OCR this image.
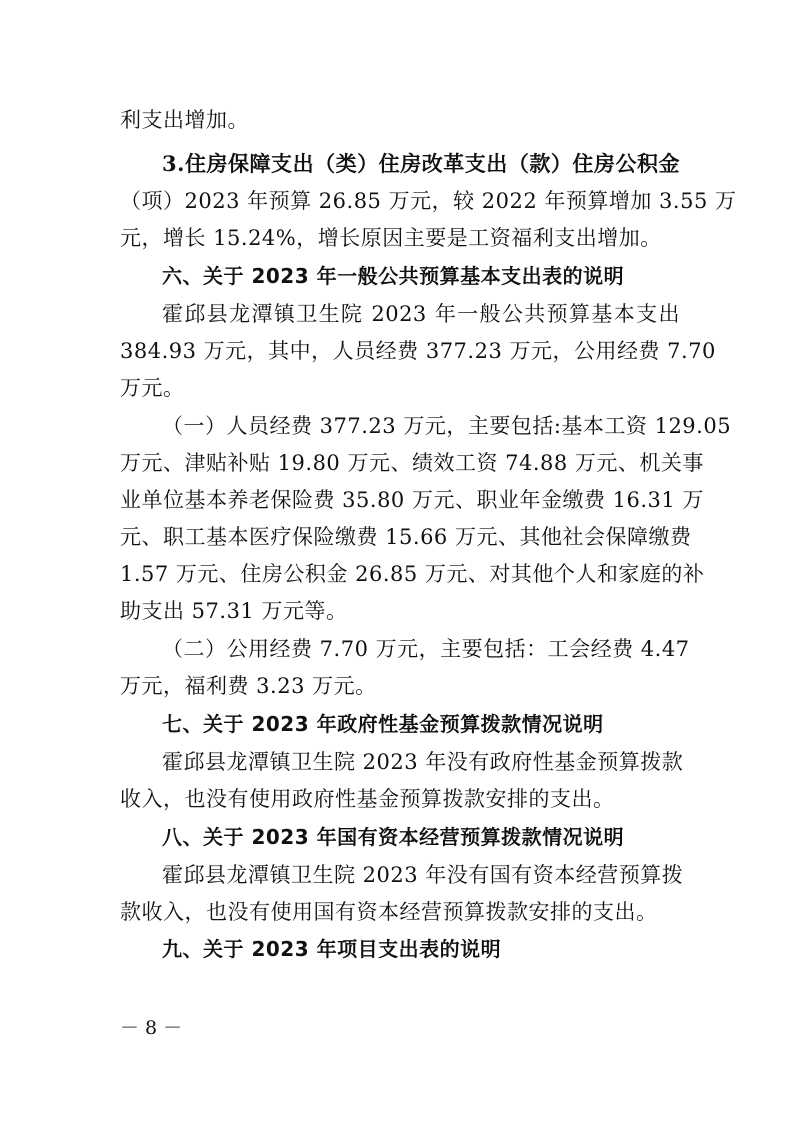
利支出增加。
3.住房保障支出（类）住房改革支出（款）住房公积金
（项）2023 年预算 26.85 万元，较 2022 年预算增加 3.55 万
元，增长 15.24%，增长原因主要是工资福利支出增加。
六、关于 2023 年一般公共预算基本支出表的说明
霍邱县龙潭镇卫生院 2023 年一般公共预算基本支出
384.93 万元，其中，人员经费 377.23 万元，公用经费 7.70
万元。
（一）人员经费 377.23 万元，主要包括:基本工资 129.05
万元、津贴补贴 19.80 万元、绩效工资 74.88 万元、机关事
业单位基本养老保险费 35.80 万元、职业年金缴费 16.31 万
元、职工基本医疗保险缴费 15.66 万元、其他社会保障缴费
1.57 万元、住房公积金 26.85 万元、对其他个人和家庭的补
助支出 57.31 万元等。
（二）公用经费 7.70 万元，主要包括：工会经费 4.47
万元，福利费 3.23 万元。
七、关于 2023 年政府性基金预算拨款情况说明
霍邱县龙潭镇卫生院 2023 年没有政府性基金预算拨款
收入，也没有使用政府性基金预算拨款安排的支出。
八、关于 2023 年国有资本经营预算拨款情况说明
霍邱县龙潭镇卫生院 2023 年没有国有资本经营预算拨
款收入，也没有使用国有资本经营预算拨款安排的支出。
九、关于 2023 年项目支出表的说明
－ 8 －
